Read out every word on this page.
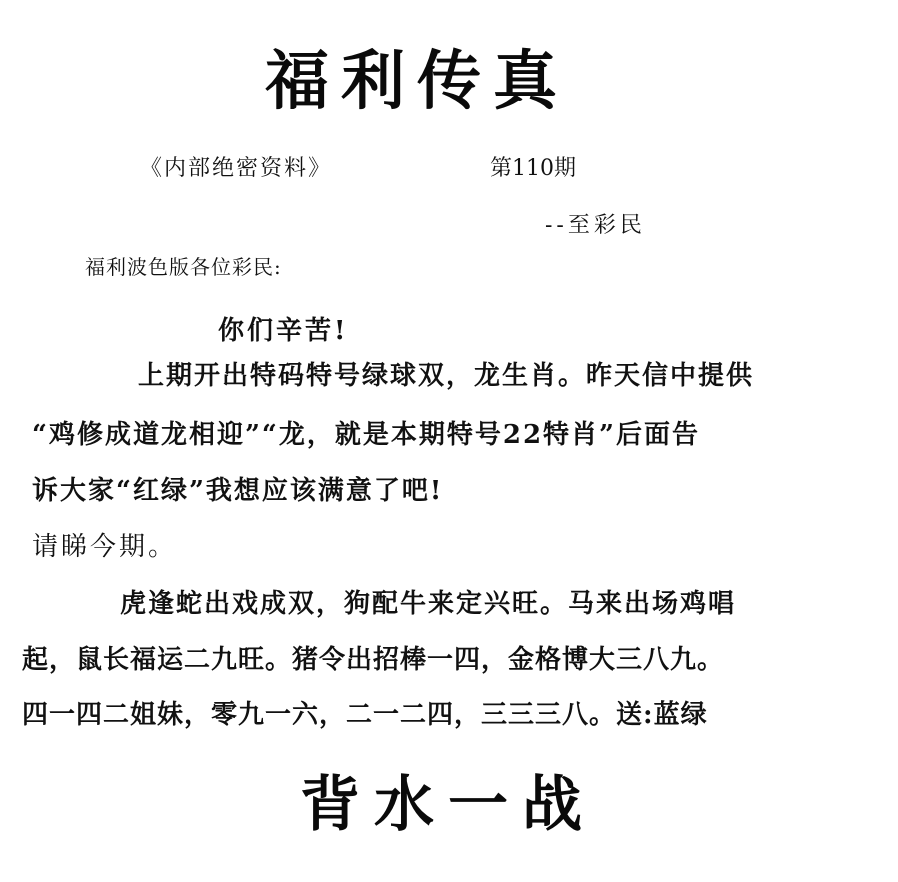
福利传真
《内部绝密资料》	第110期
--至彩民
福利波色版各位彩民:
你们辛苦!
上期开出特码特号绿球双，龙生肖。昨天信中提供
“鸡修成道龙相迎”“龙，就是本期特号22特肖”后面告
诉大家“红绿”我想应该满意了吧!
请睇今期。
虎逢蛇出戏成双，狗配牛来定兴旺。马来出场鸡唱
起，鼠长福运二九旺。猪令出招棒一四，金格博大三八九。
四一四二姐妹，零九一六，二一二四，三三三八。送:蓝绿
背水一战
